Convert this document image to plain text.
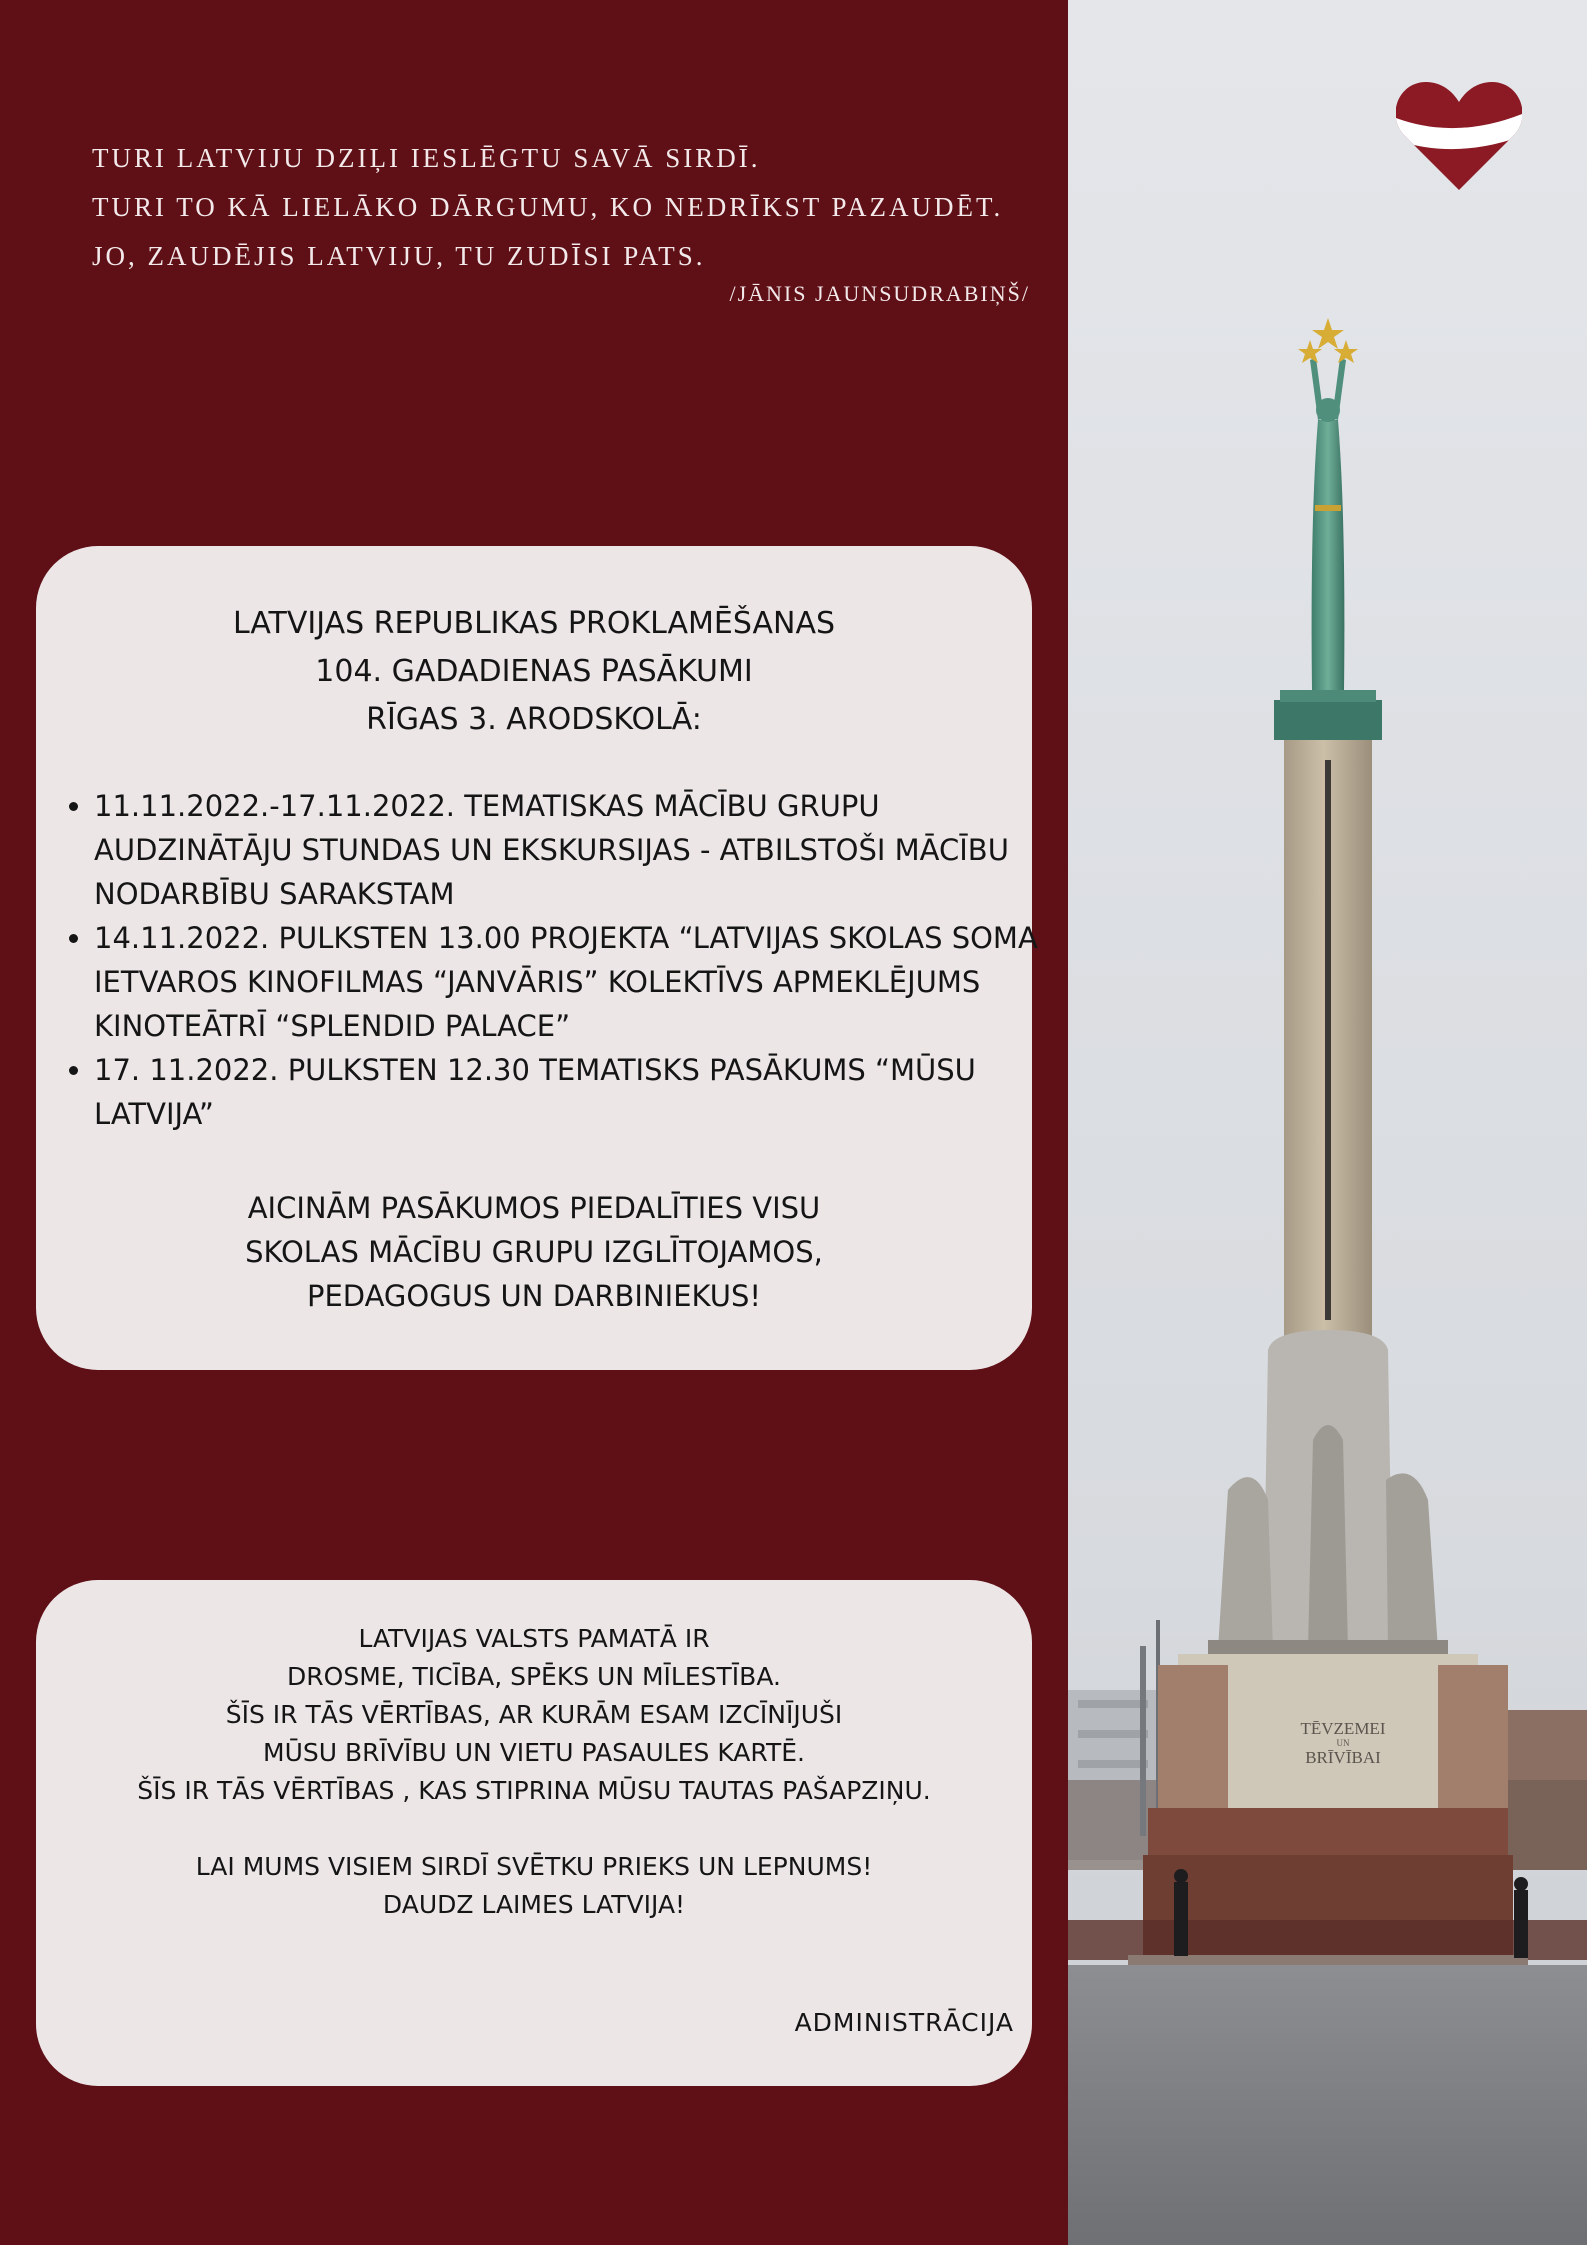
TURI LATVIJU DZIĻI IESLĒGTU SAVĀ SIRDĪ.
TURI TO KĀ LIELĀKO DĀRGUMU, KO NEDRĪKST PAZAUDĒT.
JO, ZAUDĒJIS LATVIJU, TU ZUDĪSI PATS.
/JĀNIS JAUNSUDRABIŅŠ/
LATVIJAS REPUBLIKAS PROKLAMĒŠANAS
104. GADADIENAS PASĀKUMI
RĪGAS 3. ARODSKOLĀ:
• 11.11.2022.-17.11.2022. TEMATISKAS MĀCĪBU GRUPU AUDZINĀTĀJU STUNDAS UN EKSKURSIJAS - ATBILSTOŠI MĀCĪBU NODARBĪBU SARAKSTAM
• 14.11.2022. PULKSTEN 13.00 PROJEKTA “LATVIJAS SKOLAS SOMA IETVAROS KINOFILMAS “JANVĀRIS” KOLEKTĪVS APMEKLĒJUMS KINOTEĀTRĪ “SPLENDID PALACE”
• 17. 11.2022. PULKSTEN 12.30 TEMATISKS PASĀKUMS “MŪSU LATVIJA”
AICINĀM PASĀKUMOS PIEDALĪTIES VISU
SKOLAS MĀCĪBU GRUPU IZGLĪTOJAMOS,
PEDAGOGUS UN DARBINIEKUS!
LATVIJAS VALSTS PAMATĀ IR
DROSME, TICĪBA, SPĒKS UN MĪLESTĪBA.
ŠĪS IR TĀS VĒRTĪBAS, AR KURĀM ESAM IZCĪNĪJUŠI
MŪSU BRĪVĪBU UN VIETU PASAULES KARTĒ.
ŠĪS IR TĀS VĒRTĪBAS , KAS STIPRINA MŪSU TAUTAS PAŠAPZIŅU.
LAI MUMS VISIEM SIRDĪ SVĒTKU PRIEKS UN LEPNUMS!
DAUDZ LAIMES LATVIJA!
ADMINISTRĀCIJA
TĒVZEMEI
UN
BRĪVĪBAI
